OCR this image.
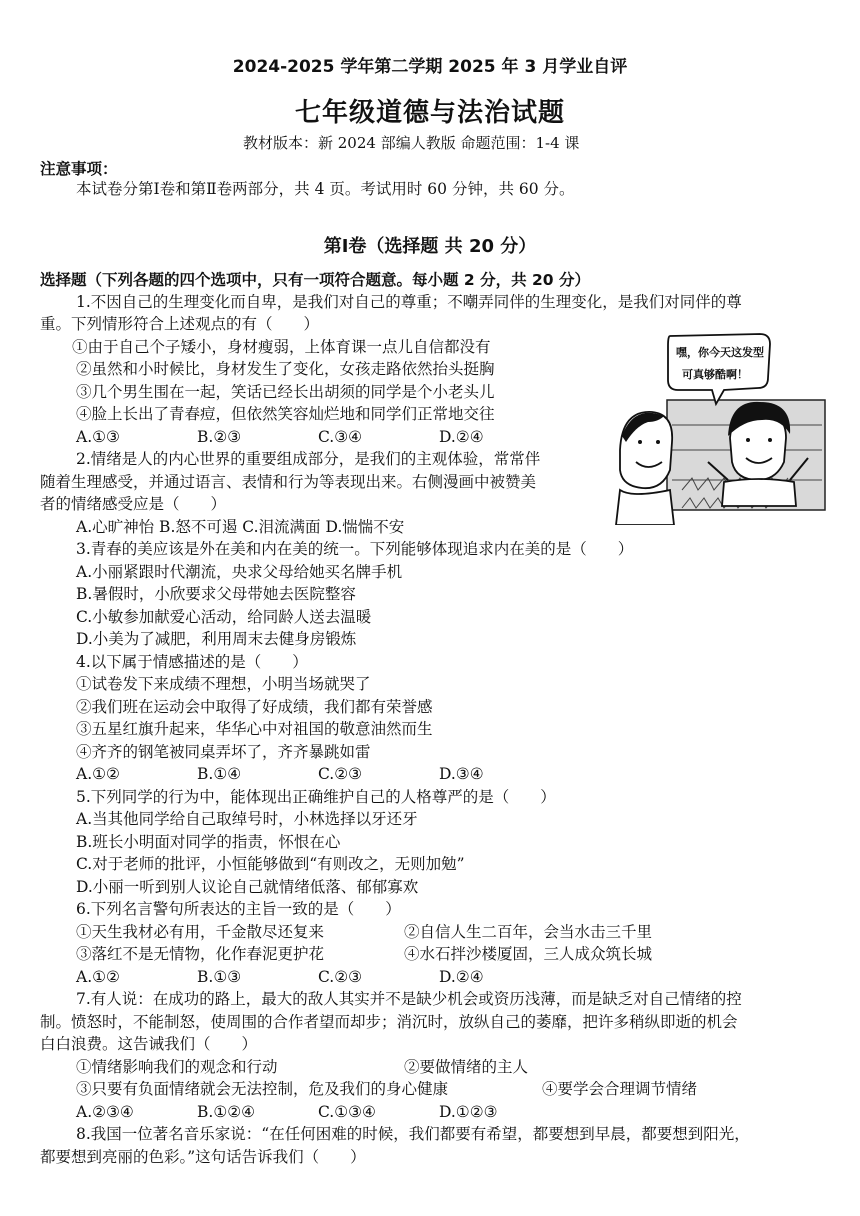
2024-2025 学年第二学期 2025 年 3 月学业自评
七年级道德与法治试题
教材版本：新 2024 部编人教版 命题范围：1-4 课
注意事项：
本试卷分第Ⅰ卷和第Ⅱ卷两部分，共 4 页。考试用时 60 分钟，共 60 分。
第Ⅰ卷（选择题 共 20 分）
选择题（下列各题的四个选项中，只有一项符合题意。每小题 2 分，共 20 分）
1.不因自己的生理变化而自卑，是我们对自己的尊重；不嘲弄同伴的生理变化，是我们对同伴的尊
重。下列情形符合上述观点的有（　　）
①由于自己个子矮小，身材瘦弱，上体育课一点儿自信都没有
②虽然和小时候比，身材发生了变化，女孩走路依然抬头挺胸
③几个男生围在一起，笑话已经长出胡须的同学是个小老头儿
④脸上长出了青春痘，但依然笑容灿烂地和同学们正常地交往
A.①③	B.②③	C.③④	D.②④
嘿，你今天这发型
可真够酷啊！
2.情绪是人的内心世界的重要组成部分，是我们的主观体验，常常伴
随着生理感受，并通过语言、表情和行为等表现出来。右侧漫画中被赞美
者的情绪感受应是（　　）
A.心旷神怡 B.怒不可遏 C.泪流满面 D.惴惴不安
3.青春的美应该是外在美和内在美的统一。下列能够体现追求内在美的是（　　）
A.小丽紧跟时代潮流，央求父母给她买名牌手机
B.暑假时，小欣要求父母带她去医院整容
C.小敏参加献爱心活动，给同龄人送去温暖
D.小美为了减肥，利用周末去健身房锻炼
4.以下属于情感描述的是（　　）
①试卷发下来成绩不理想，小明当场就哭了
②我们班在运动会中取得了好成绩，我们都有荣誉感
③五星红旗升起来，华华心中对祖国的敬意油然而生
④齐齐的钢笔被同桌弄坏了，齐齐暴跳如雷
A.①②	B.①④	C.②③	D.③④
5.下列同学的行为中，能体现出正确维护自己的人格尊严的是（　　）
A.当其他同学给自己取绰号时，小林选择以牙还牙
B.班长小明面对同学的指责，怀恨在心
C.对于老师的批评，小恒能够做到“有则改之，无则加勉”
D.小丽一听到别人议论自己就情绪低落、郁郁寡欢
6.下列名言警句所表达的主旨一致的是（　　）
①天生我材必有用，千金散尽还复来	②自信人生二百年，会当水击三千里
③落红不是无情物，化作春泥更护花	④水石拌沙楼厦固，三人成众筑长城
A.①②	B.①③	C.②③	D.②④
7.有人说：在成功的路上，最大的敌人其实并不是缺少机会或资历浅薄，而是缺乏对自己情绪的控
制。愤怒时，不能制怒，使周围的合作者望而却步；消沉时，放纵自己的萎靡，把许多稍纵即逝的机会
白白浪费。这告诫我们（　　）
①情绪影响我们的观念和行动	②要做情绪的主人
③只要有负面情绪就会无法控制，危及我们的身心健康	④要学会合理调节情绪
A.②③④	B.①②④	C.①③④	D.①②③
8.我国一位著名音乐家说：“在任何困难的时候，我们都要有希望，都要想到早晨，都要想到阳光，
都要想到亮丽的色彩。”这句话告诉我们（　　）
